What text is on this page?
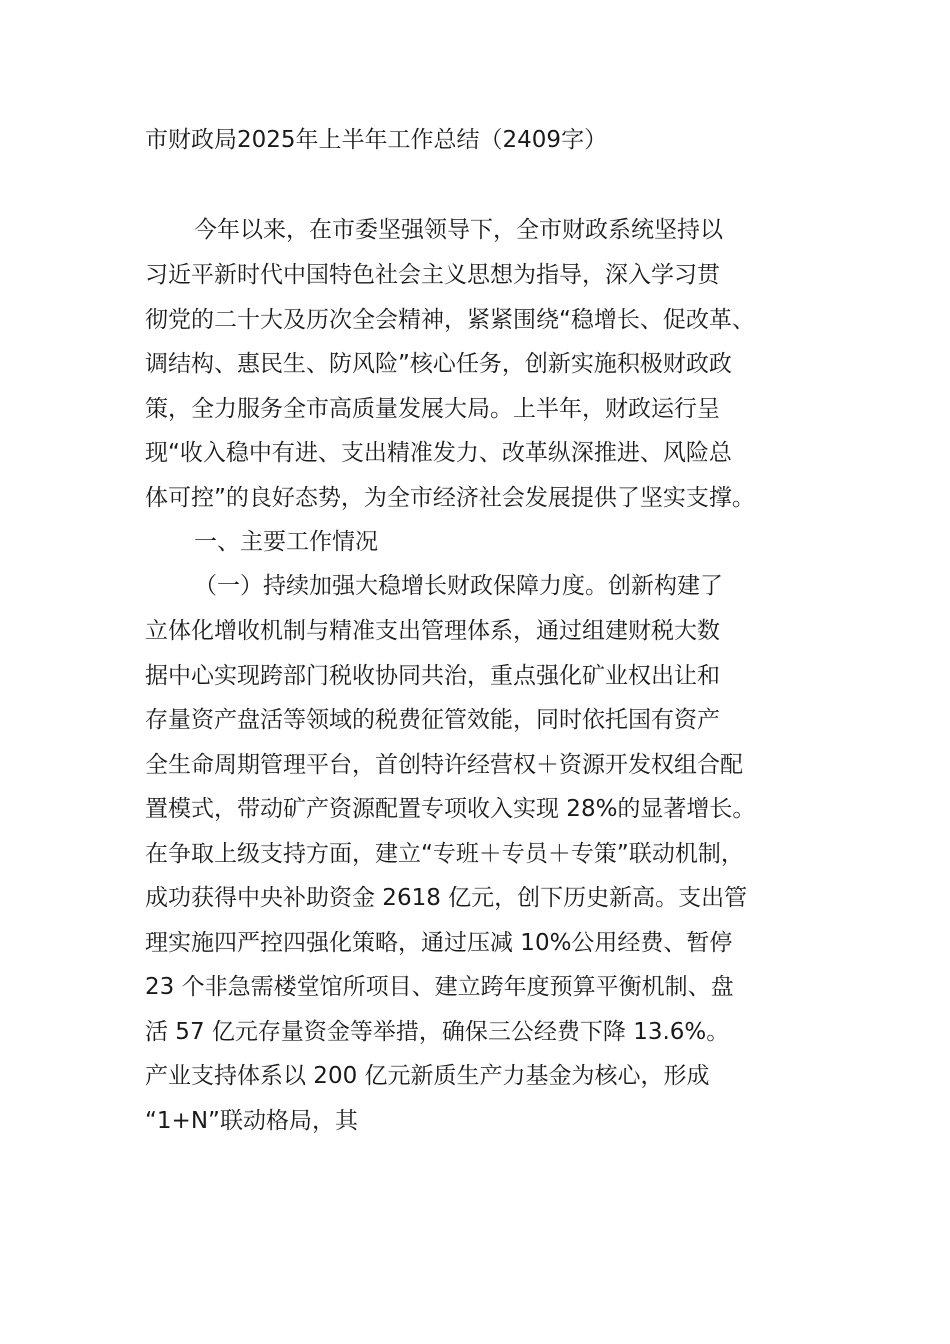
市财政局2025年上半年工作总结（2409字）
今年以来，在市委坚强领导下，全市财政系统坚持以
习近平新时代中国特色社会主义思想为指导，深入学习贯
彻党的二十大及历次全会精神，紧紧围绕“稳增长、促改革、
调结构、惠民生、防风险”核心任务，创新实施积极财政政
策，全力服务全市高质量发展大局。上半年，财政运行呈
现“收入稳中有进、支出精准发力、改革纵深推进、风险总
体可控”的良好态势，为全市经济社会发展提供了坚实支撑。
一、主要工作情况
（一）持续加强大稳增长财政保障力度。创新构建了
立体化增收机制与精准支出管理体系，通过组建财税大数
据中心实现跨部门税收协同共治，重点强化矿业权出让和
存量资产盘活等领域的税费征管效能，同时依托国有资产
全生命周期管理平台，首创特许经营权＋资源开发权组合配
置模式，带动矿产资源配置专项收入实现 28%的显著增长。
在争取上级支持方面，建立“专班＋专员＋专策”联动机制，
成功获得中央补助资金 2618 亿元，创下历史新高。支出管
理实施四严控四强化策略，通过压减 10%公用经费、暂停
23 个非急需楼堂馆所项目、建立跨年度预算平衡机制、盘
活 57 亿元存量资金等举措，确保三公经费下降 13.6%。
产业支持体系以 200 亿元新质生产力基金为核心，形成
“1+N”联动格局，其
